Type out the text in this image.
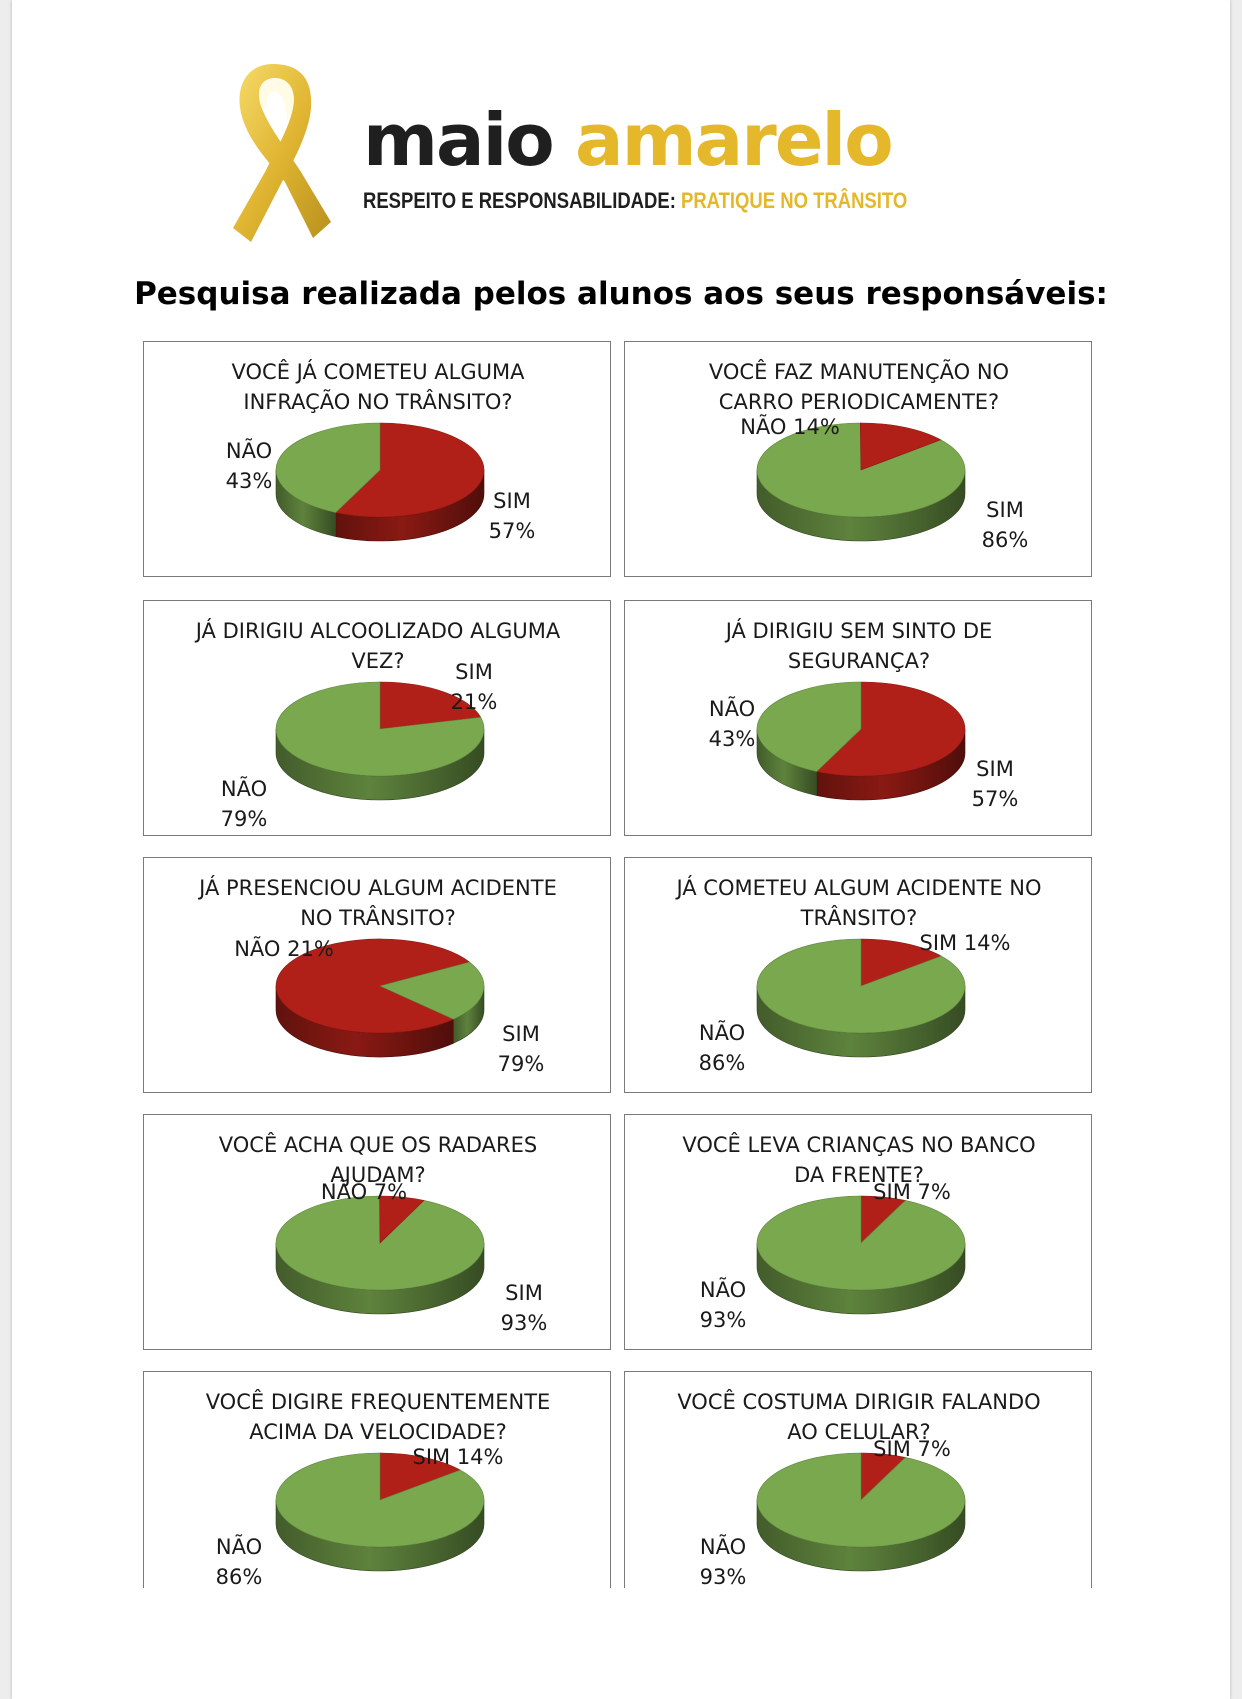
maio amarelo
RESPEITO E RESPONSABILIDADE: PRATIQUE NO TRÂNSITO
Pesquisa realizada pelos alunos aos seus responsáveis:
VOCÊ JÁ COMETEU ALGUMA
INFRAÇÃO NO TRÂNSITO?
SIM
57%
NÃO
43%
VOCÊ FAZ MANUTENÇÃO NO
CARRO PERIODICAMENTE?
SIM
86%
NÃO 14%
JÁ DIRIGIU ALCOOLIZADO ALGUMA
VEZ? SIM
21%
NÃO
79%
JÁ DIRIGIU SEM SINTO DE
SEGURANÇA?
SIM
57%
NÃO
43%
JÁ PRESENCIOU ALGUM ACIDENTE
NO TRÂNSITO?
SIM
79%
NÃO 21%
JÁ COMETEU ALGUM ACIDENTE NO
TRÂNSITO?
SIM 14%
NÃO
86%
VOCÊ ACHA QUE OS RADARES
AJUDAM?
SIM
93%
NÃO 7%
VOCÊ LEVA CRIANÇAS NO BANCO
DA FRENTE?
SIM 7%
NÃO
93%
VOCÊ DIGIRE FREQUENTEMENTE
ACIMA DA VELOCIDADE?
SIM 14%
NÃO
86%
VOCÊ COSTUMA DIRIGIR FALANDO
AO CELULAR?
SIM 7%
NÃO
93%
